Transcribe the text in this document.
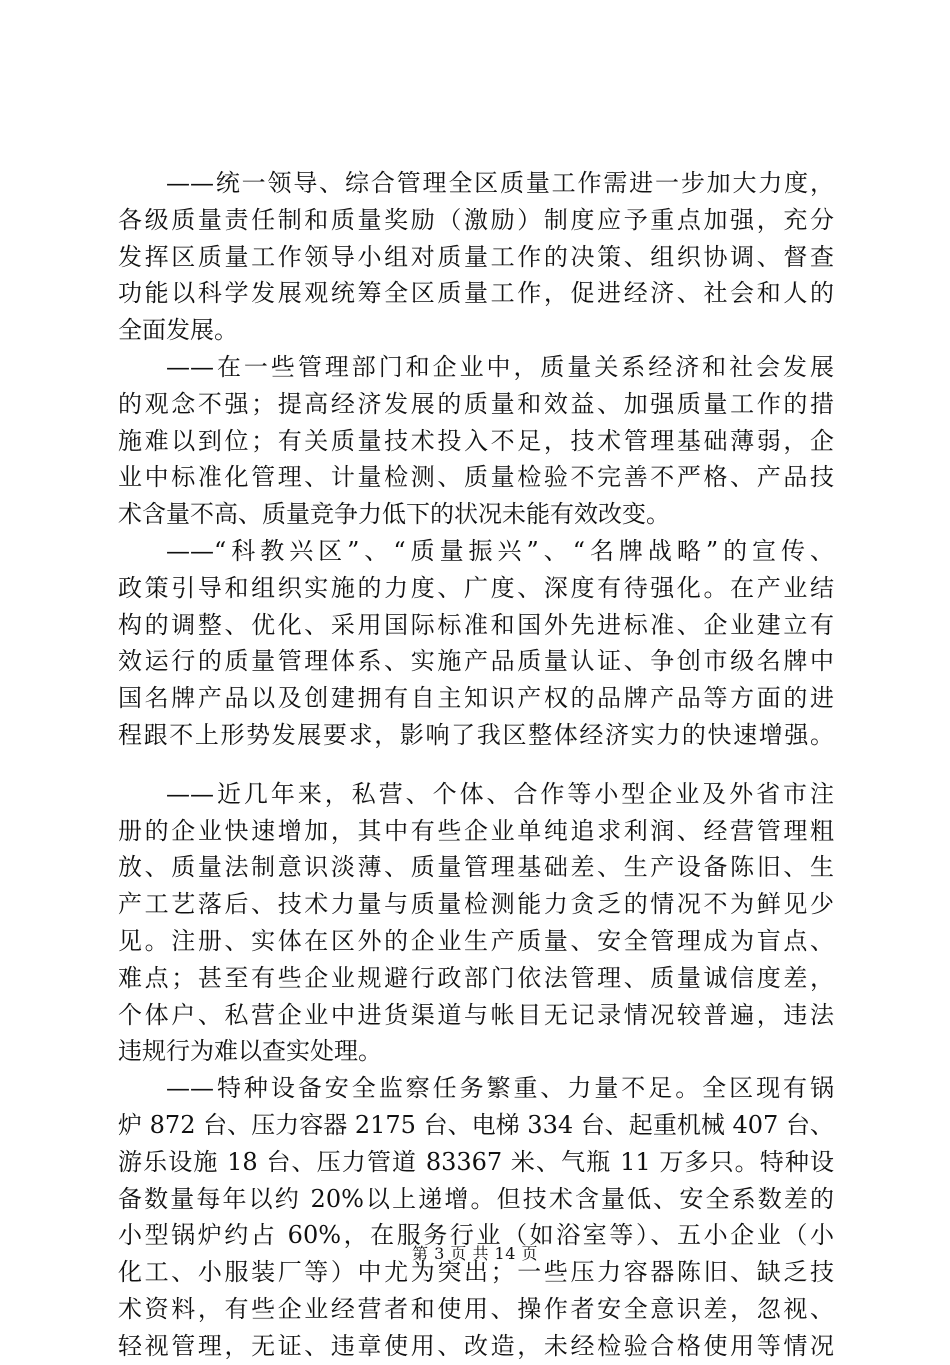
——统一领导、综合管理全区质量工作需进一步加大力度，
各级质量责任制和质量奖励（激励）制度应予重点加强，充分
发挥区质量工作领导小组对质量工作的决策、组织协调、督查
功能以科学发展观统筹全区质量工作，促进经济、社会和人的
全面发展。
——在一些管理部门和企业中，质量关系经济和社会发展
的观念不强；提高经济发展的质量和效益、加强质量工作的措
施难以到位；有关质量技术投入不足，技术管理基础薄弱，企
业中标准化管理、计量检测、质量检验不完善不严格、产品技
术含量不高、质量竞争力低下的状况未能有效改变。
——“科教兴区”、“质量振兴”、“名牌战略”的宣传、
政策引导和组织实施的力度、广度、深度有待强化。在产业结
构的调整、优化、采用国际标准和国外先进标准、企业建立有
效运行的质量管理体系、实施产品质量认证、争创市级名牌中
国名牌产品以及创建拥有自主知识产权的品牌产品等方面的进
程跟不上形势发展要求，影响了我区整体经济实力的快速增强。
——近几年来，私营、个体、合作等小型企业及外省市注
册的企业快速增加，其中有些企业单纯追求利润、经营管理粗
放、质量法制意识淡薄、质量管理基础差、生产设备陈旧、生
产工艺落后、技术力量与质量检测能力贪乏的情况不为鲜见少
见。注册、实体在区外的企业生产质量、安全管理成为盲点、
难点；甚至有些企业规避行政部门依法管理、质量诚信度差，
个体户、私营企业中进货渠道与帐目无记录情况较普遍，违法
违规行为难以查实处理。
——特种设备安全监察任务繁重、力量不足。全区现有锅
炉 872 台、压力容器 2175 台、电梯 334 台、起重机械 407 台、
游乐设施 18 台、压力管道 83367 米、气瓶 11 万多只。特种设
备数量每年以约 20%以上递增。但技术含量低、安全系数差的
小型锅炉约占 60%，在服务行业（如浴室等）、五小企业（小
化工、小服装厂等）中尤为突出；一些压力容器陈旧、缺乏技
术资料，有些企业经营者和使用、操作者安全意识差，忽视、
轻视管理，无证、违章使用、改造，未经检验合格使用等情况
第 3 页 共 14 页
